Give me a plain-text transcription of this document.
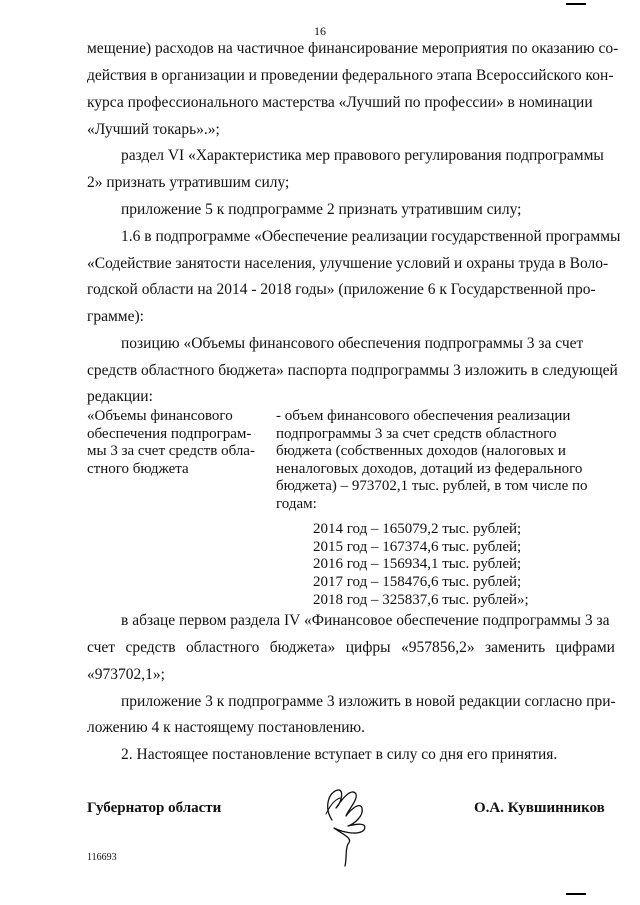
16
мещение) расходов на частичное финансирование мероприятия по оказанию со-
действия в организации и проведении федерального этапа Всероссийского кон-
курса профессионального мастерства «Лучший по профессии» в номинации
«Лучший токарь».»;
раздел VI «Характеристика мер правового регулирования подпрограммы
2» признать утратившим силу;
приложение 5 к подпрограмме 2 признать утратившим силу;
1.6 в подпрограмме «Обеспечение реализации государственной программы
«Содействие занятости населения, улучшение условий и охраны труда в Воло-
годской области на 2014 - 2018 годы» (приложение 6 к Государственной про-
грамме):
позицию «Объемы финансового обеспечения подпрограммы 3 за счет
средств областного бюджета» паспорта подпрограммы 3 изложить в следующей
редакции:
«Объемы финансового обеспечения подпрограм-мы 3 за счет средств обла-стного бюджета
- объем финансового обеспечения реализации подпрограммы 3 за счет средств областного бюджета (собственных доходов (налоговых и неналоговых доходов, дотаций из федерального бюджета) – 973702,1 тыс. рублей, в том числе по годам:
2014 год – 165079,2 тыс. рублей;
2015 год – 167374,6 тыс. рублей;
2016 год – 156934,1 тыс. рублей;
2017 год – 158476,6 тыс. рублей;
2018 год – 325837,6 тыс. рублей»;
в абзаце первом раздела IV «Финансовое обеспечение подпрограммы 3 за
счет средств областного бюджета» цифры «957856,2» заменить цифрами
«973702,1»;
приложение 3 к подпрограмме 3 изложить в новой редакции согласно при-
ложению 4 к настоящему постановлению.
2. Настоящее постановление вступает в силу со дня его принятия.
Губернатор области	О.А. Кувшинников
116693
